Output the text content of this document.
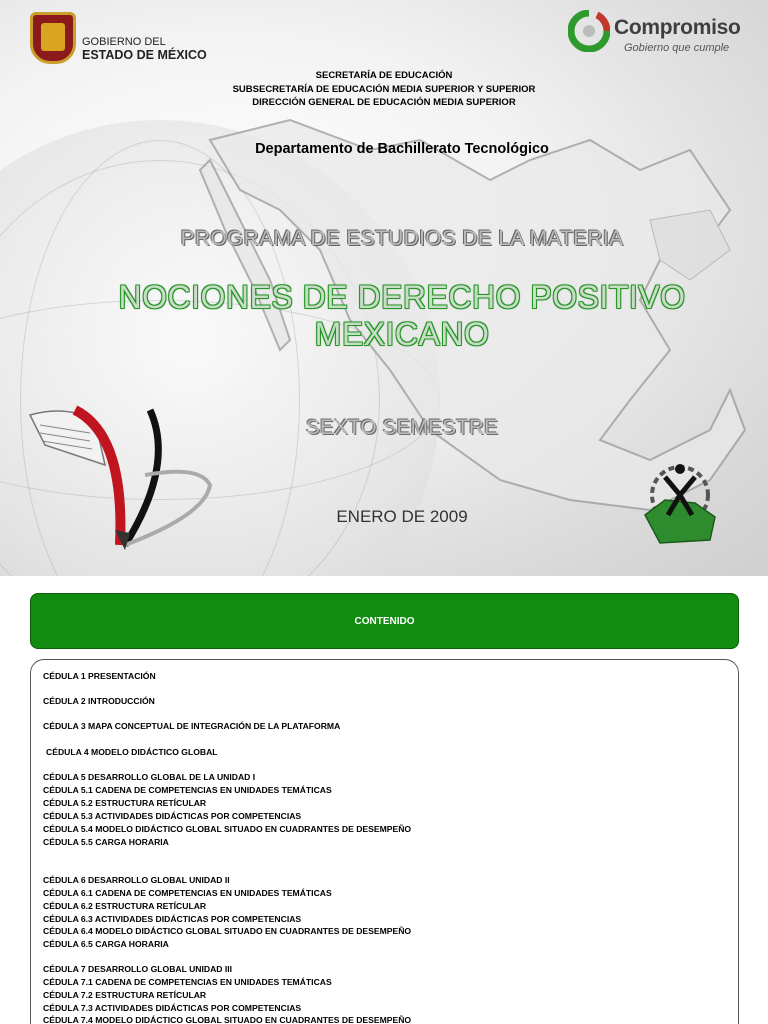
GOBIERNO DEL
ESTADO DE MÉXICO
Compromiso
Gobierno que cumple
SECRETARÍA DE EDUCACIÓN
SUBSECRETARÍA DE EDUCACIÓN MEDIA SUPERIOR Y SUPERIOR
DIRECCIÓN GENERAL DE EDUCACIÓN MEDIA SUPERIOR
Departamento de Bachillerato Tecnológico
PROGRAMA DE ESTUDIOS DE LA MATERIA
NOCIONES DE DERECHO POSITIVO
MEXICANO
SEXTO SEMESTRE
ENERO DE 2009
CONTENIDO
CÉDULA 1 PRESENTACIÓN
CÉDULA 2 INTRODUCCIÓN
CÉDULA 3 MAPA CONCEPTUAL DE INTEGRACIÓN DE LA PLATAFORMA
CÉDULA 4 MODELO DIDÁCTICO GLOBAL
CÉDULA 5 DESARROLLO GLOBAL DE LA UNIDAD I
CÉDULA 5.1 CADENA DE COMPETENCIAS EN UNIDADES TEMÁTICAS
CÉDULA 5.2 ESTRUCTURA RETÍCULAR
CÉDULA 5.3 ACTIVIDADES DIDÁCTICAS POR COMPETENCIAS
CÉDULA 5.4 MODELO DIDÁCTICO GLOBAL SITUADO EN CUADRANTES DE DESEMPEÑO
CÉDULA 5.5 CARGA HORARIA
CÉDULA 6 DESARROLLO GLOBAL UNIDAD II
CÉDULA 6.1 CADENA DE COMPETENCIAS EN UNIDADES TEMÁTICAS
CÉDULA 6.2 ESTRUCTURA RETÍCULAR
CÉDULA 6.3 ACTIVIDADES DIDÁCTICAS POR COMPETENCIAS
CÉDULA 6.4 MODELO DIDÁCTICO GLOBAL SITUADO EN CUADRANTES DE DESEMPEÑO
CÉDULA 6.5 CARGA HORARIA
CÉDULA 7 DESARROLLO GLOBAL UNIDAD III
CÉDULA 7.1 CADENA DE COMPETENCIAS EN UNIDADES TEMÁTICAS
CÉDULA 7.2 ESTRUCTURA RETÍCULAR
CÉDULA 7.3 ACTIVIDADES DIDÁCTICAS POR COMPETENCIAS
CÉDULA 7.4 MODELO DIDÁCTICO GLOBAL SITUADO EN CUADRANTES DE DESEMPEÑO
